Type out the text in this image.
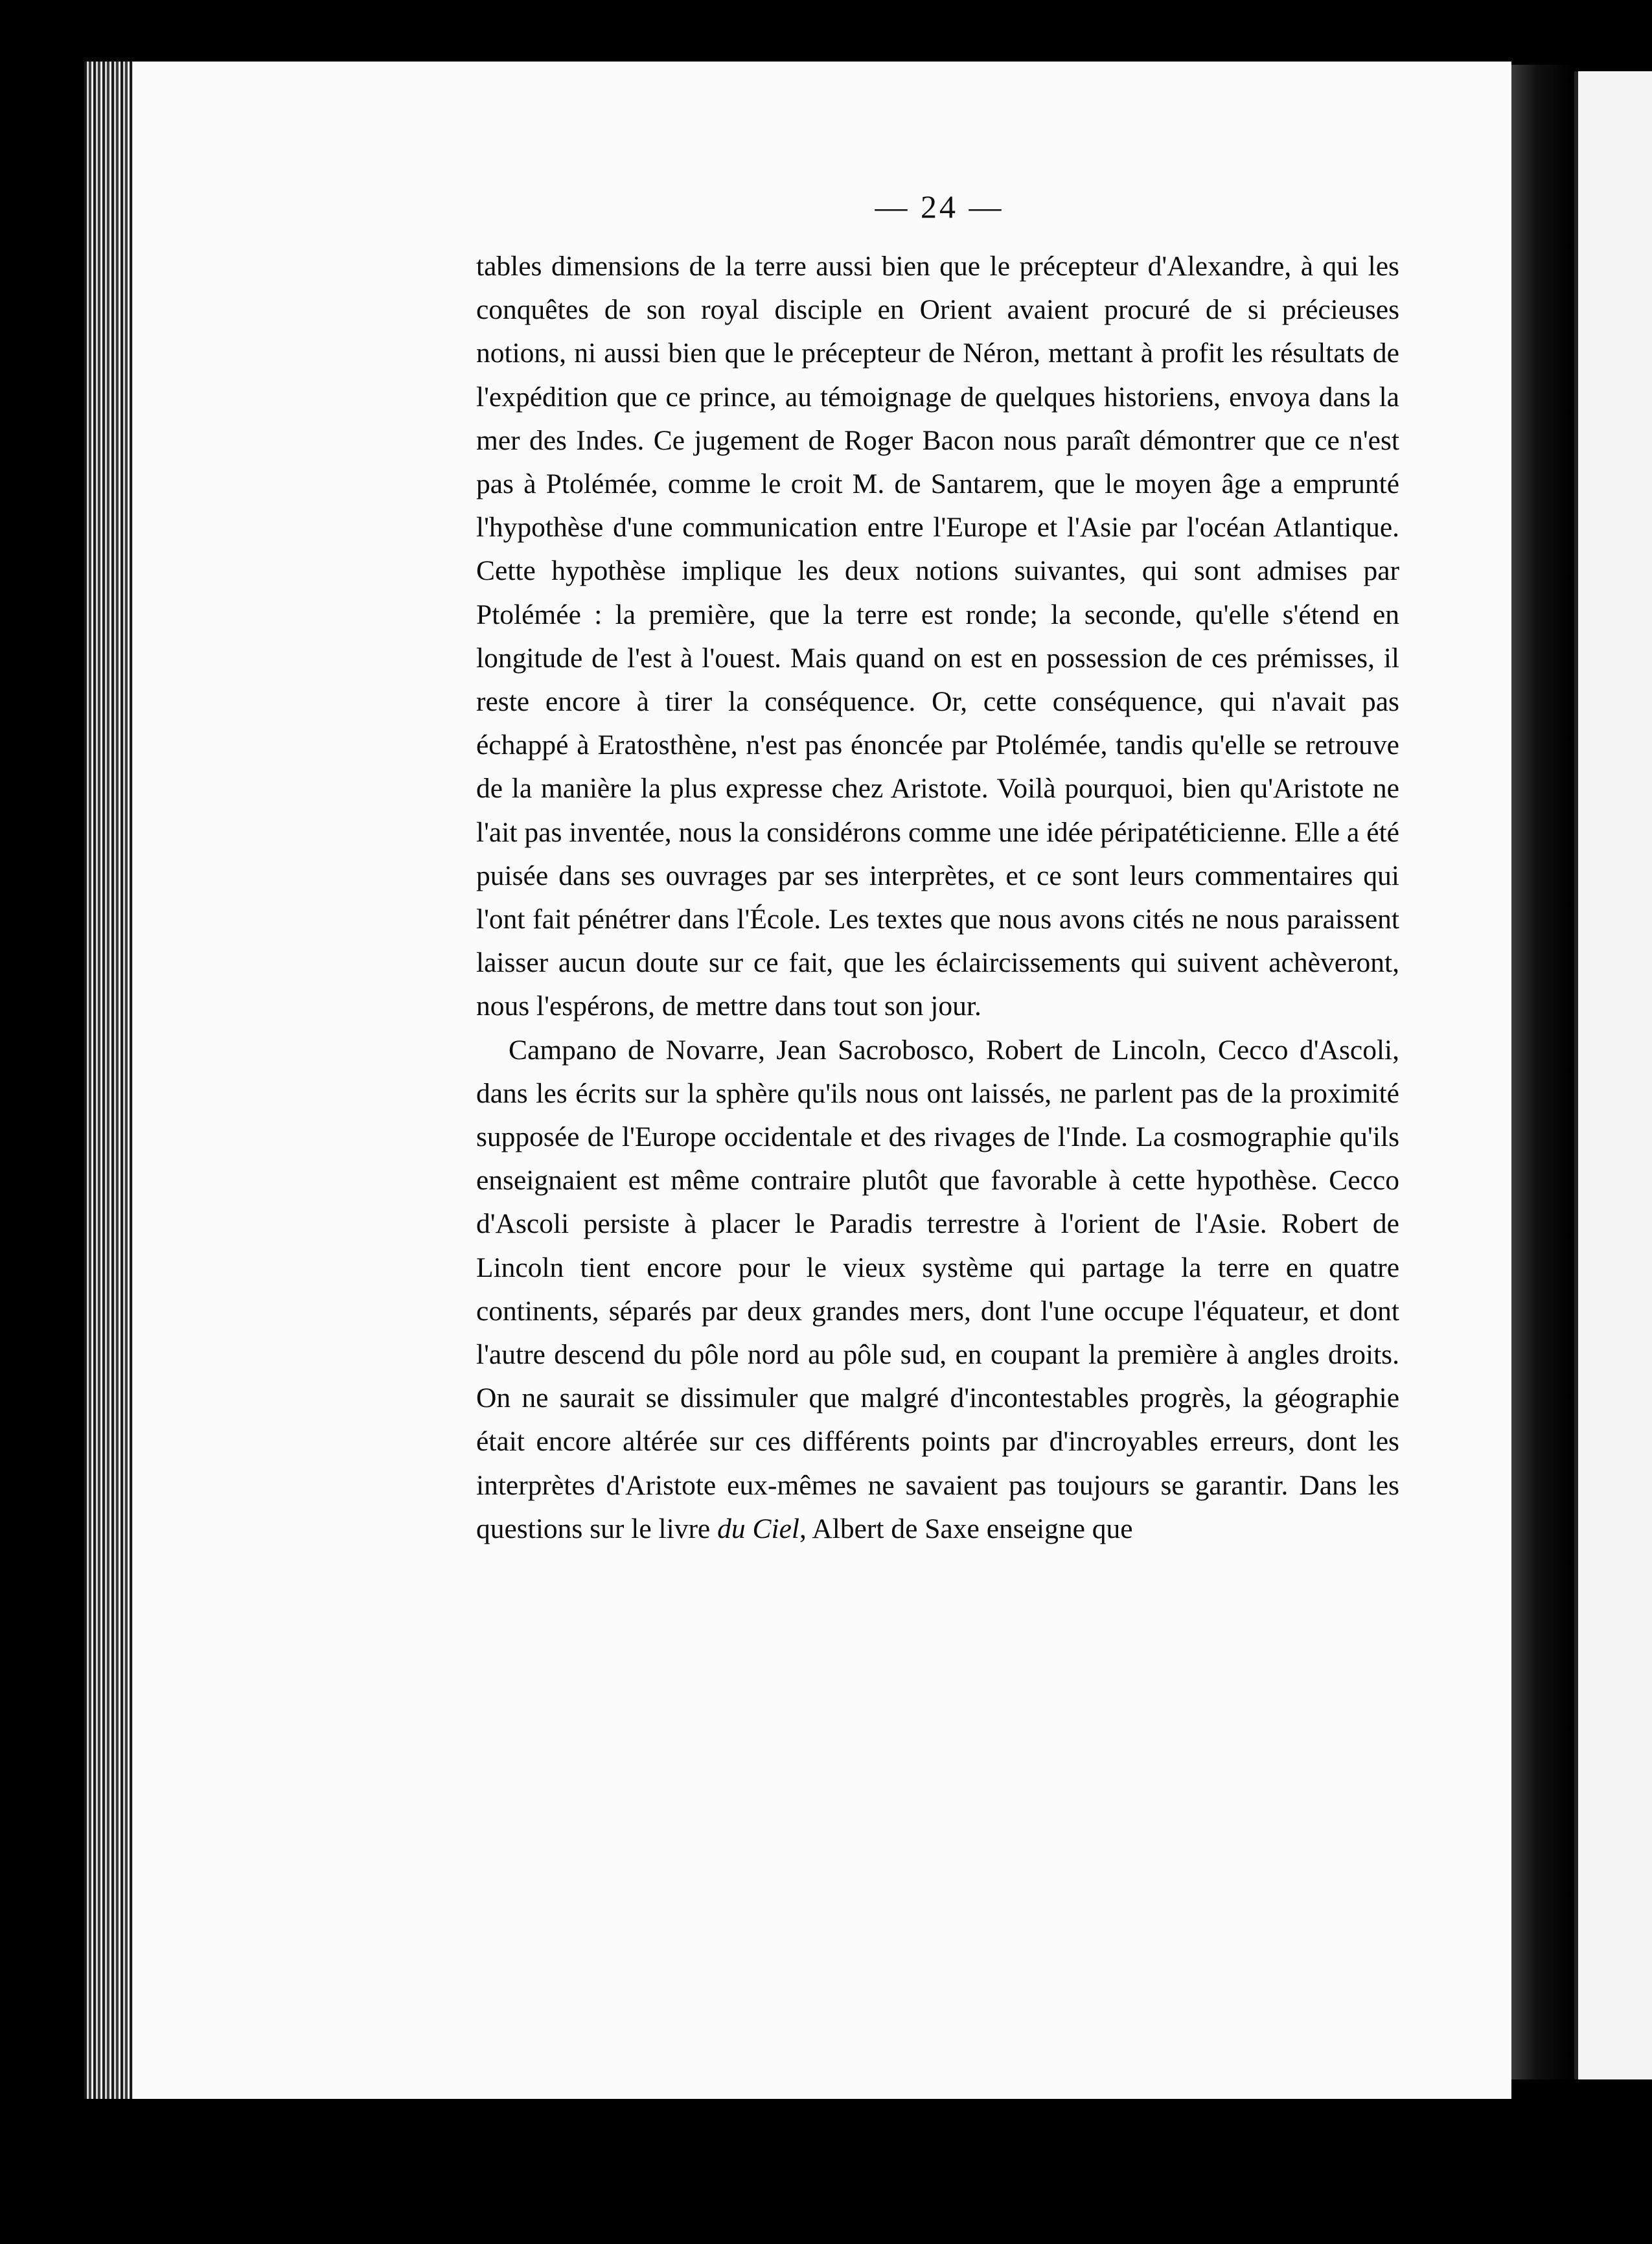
— 24 —

tables dimensions de la terre aussi bien que le précepteur d'Alexandre, à qui les conquêtes de son royal disciple en Orient avaient procuré de si précieuses notions, ni aussi bien que le précepteur de Néron, mettant à profit les résultats de l'expédition que ce prince, au témoignage de quelques historiens, envoya dans la mer des Indes. Ce jugement de Roger Bacon nous paraît démontrer que ce n'est pas à Ptolémée, comme le croit M. de Santarem, que le moyen âge a emprunté l'hypothèse d'une communication entre l'Europe et l'Asie par l'océan Atlantique. Cette hypothèse implique les deux notions suivantes, qui sont admises par Ptolémée : la première, que la terre est ronde; la seconde, qu'elle s'étend en longitude de l'est à l'ouest. Mais quand on est en possession de ces prémisses, il reste encore à tirer la conséquence. Or, cette conséquence, qui n'avait pas échappé à Eratosthène, n'est pas énoncée par Ptolémée, tandis qu'elle se retrouve de la manière la plus expresse chez Aristote. Voilà pourquoi, bien qu'Aristote ne l'ait pas inventée, nous la considérons comme une idée péripatéticienne. Elle a été puisée dans ses ouvrages par ses interprètes, et ce sont leurs commentaires qui l'ont fait pénétrer dans l'École. Les textes que nous avons cités ne nous paraissent laisser aucun doute sur ce fait, que les éclaircissements qui suivent achèveront, nous l'espérons, de mettre dans tout son jour.

Campano de Novarre, Jean Sacrobosco, Robert de Lincoln, Cecco d'Ascoli, dans les écrits sur la sphère qu'ils nous ont laissés, ne parlent pas de la proximité supposée de l'Europe occidentale et des rivages de l'Inde. La cosmographie qu'ils enseignaient est même contraire plutôt que favorable à cette hypothèse. Cecco d'Ascoli persiste à placer le Paradis terrestre à l'orient de l'Asie. Robert de Lincoln tient encore pour le vieux système qui partage la terre en quatre continents, séparés par deux grandes mers, dont l'une occupe l'équateur, et dont l'autre descend du pôle nord au pôle sud, en coupant la première à angles droits. On ne saurait se dissimuler que malgré d'incontestables progrès, la géographie était encore altérée sur ces différents points par d'incroyables erreurs, dont les interprètes d'Aristote eux-mêmes ne savaient pas toujours se garantir. Dans les questions sur le livre du Ciel, Albert de Saxe enseigne que
